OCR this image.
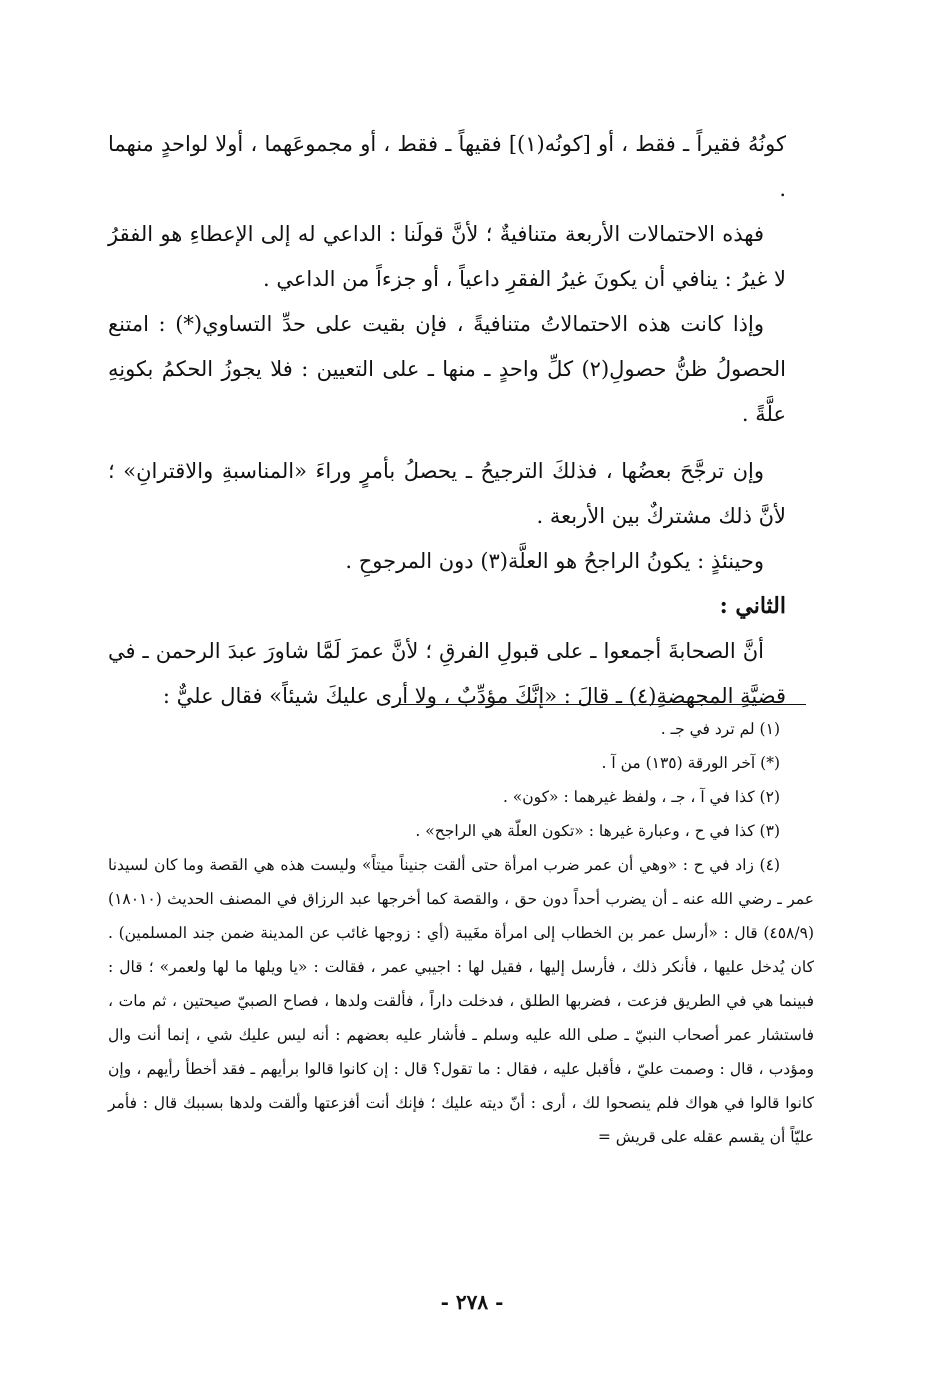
كونُهُ فقيراً ـ فقط ، أو [كونُه(١)] فقيهاً ـ فقط ، أو مجموعَهما ، أولا لواحدٍ منهما .

فهذه الاحتمالات الأربعة متنافيةٌ ؛ لأنَّ قولَنا : الداعي له إلى الإعطاءِ هو الفقرُ لا غيرُ : ينافي أن يكونَ غيرُ الفقرِ داعياً ، أو جزءاً من الداعي .

وإذا كانت هذه الاحتمالاتُ متنافيةً ، فإن بقيت على حدِّ التساوي(*) : امتنع الحصولُ ظنُّ حصولِ(٢) كلِّ واحدٍ ـ منها ـ على التعيين : فلا يجوزُ الحكمُ بكونِهِ علَّةً .

وإن ترجَّحَ بعضُها ، فذلكَ الترجيحُ ـ يحصلُ بأمرٍ وراءَ «المناسبةِ والاقترانِ» ؛ لأنَّ ذلك مشتركٌ بين الأربعة .

وحينئذٍ : يكونُ الراجحُ هو العلَّة(٣) دون المرجوحِ .

الثاني :

أنَّ الصحابةَ أجمعوا ـ على قبولِ الفرقِ ؛ لأنَّ عمرَ لَمَّا شاورَ عبدَ الرحمن ـ في قضيَّةِ المجهضةِ(٤) ـ قالَ : «إنَّكَ مؤدِّبٌ ، ولا أرى عليكَ شيئاً» فقال عليٌّ :

(١) لم ترد في جـ .

(*) آخر الورقة (١٣٥) من آ .

(٢) كذا في آ ، جـ ، ولفظ غيرهما : «كون» .

(٣) كذا في ح ، وعبارة غيرها : «تكون العلّة هي الراجح» .

(٤) زاد في ح : «وهي أن عمر ضرب امرأة حتى ألقت جنيناً ميتاً» وليست هذه هي القصة وما كان لسيدنا عمر ـ رضي الله عنه ـ أن يضرب أحداً دون حق ، والقصة كما أخرجها عبد الرزاق في المصنف الحديث (١٨٠١٠) (٤٥٨/٩) قال : «أرسل عمر بن الخطاب إلى امرأة مغَيبة (أي : زوجها غائب عن المدينة ضمن جند المسلمين) . كان يُدخل عليها ، فأنكر ذلك ، فأرسل إليها ، فقيل لها : اجيبي عمر ، فقالت : «يا ويلها ما لها ولعمر» ؛ قال : فبينما هي في الطريق فزعت ، فضربها الطلق ، فدخلت داراً ، فألقت ولدها ، فصاح الصبيّ صيحتين ، ثم مات ، فاستشار عمر أصحاب النبيّ ـ صلى الله عليه وسلم ـ فأشار عليه بعضهم : أنه ليس عليك شي ، إنما أنت وال ومؤدب ، قال : وصمت عليّ ، فأقبل عليه ، فقال : ما تقول؟ قال : إن كانوا قالوا برأيهم ـ فقد أخطأ رأيهم ، وإن كانوا قالوا في هواك فلم ينصحوا لك ، أرى : أنّ ديته عليك ؛ فإنك أنت أفزعتها وألقت ولدها بسببك قال : فأمر عليّاً أن يقسم عقله على قريش =

- ٢٧٨ -
